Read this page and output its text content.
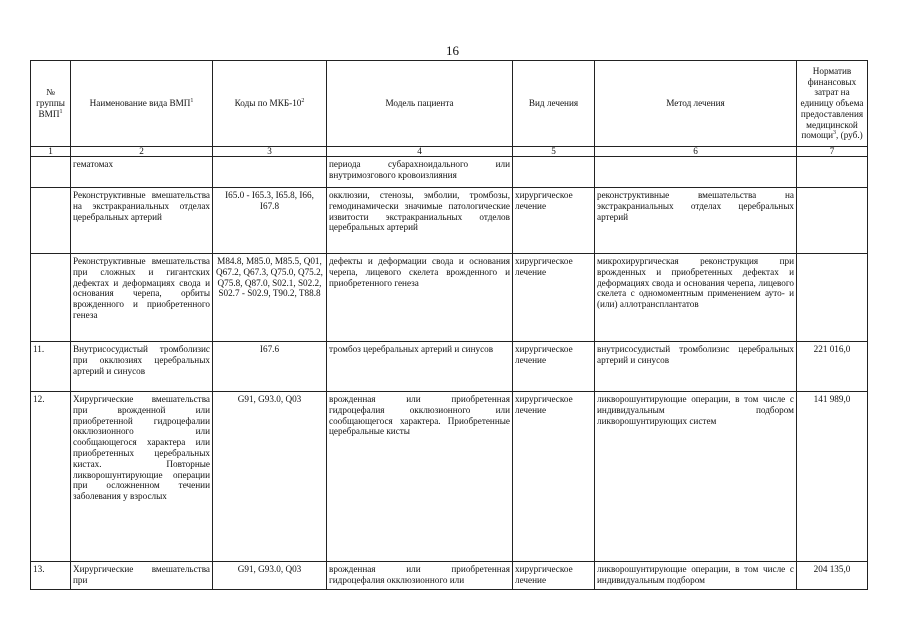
16
№ группы ВМП$^1$	Наименование вида ВМП$^1$	Коды по МКБ-$10^2$	Модель пациента	Вид лечения	Метод лечения	Норматив финансовых затрат на единицу объема предоставления медицинской помощи$^3$, (руб.)
1	2	3	4	5	6	7
	гематомах		периода субарахноидального или внутримозгового кровоизлияния			
	Реконструктивные вмешательства на экстракраниальных отделах церебральных артерий	I65.0 - I65.3, I65.8, I66, I67.8	окклюзии, стенозы, эмболии, тромбозы, гемодинамически значимые патологические извитости экстракраниальных отделов церебральных артерий	хирургическое лечение	реконструктивные вмешательства на экстракраниальных отделах церебральных артерий	
	Реконструктивные вмешательства при сложных и гигантских дефектах и деформациях свода и основания черепа, орбиты врожденного и приобретенного генеза	M84.8, M85.0, M85.5, Q01, Q67.2, Q67.3, Q75.0, Q75.2, Q75.8, Q87.0, S02.1, S02.2, S02.7 - S02.9, T90.2, T88.8	дефекты и деформации свода и основания черепа, лицевого скелета врожденного и приобретенного генеза	хирургическое лечение	микрохирургическая реконструкция при врожденных и приобретенных дефектах и деформациях свода и основания черепа, лицевого скелета с одномоментным применением ауто- и (или) аллотрансплантатов	
11.	Внутрисосудистый тромболизис при окклюзиях церебральных артерий и синусов	I67.6	тромбоз церебральных артерий и синусов	хирургическое лечение	внутрисосудистый тромболизис церебральных артерий и синусов	221 016,0
12.	Хирургические вмешательства при врожденной или приобретенной гидроцефалии окклюзионного или сообщающегося характера или приобретенных церебральных кистах. Повторные ликворошунтирующие операции при осложненном течении заболевания у взрослых	G91, G93.0, Q03	врожденная или приобретенная гидроцефалия окклюзионного или сообщающегося характера. Приобретенные церебральные кисты	хирургическое лечение	ликворошунтирующие операции, в том числе с индивидуальным подбором ликворошунтирующих систем	141 989,0
13.	Хирургические вмешательства при	G91, G93.0, Q03	врожденная или приобретенная гидроцефалия окклюзионного или	хирургическое лечение	ликворошунтирующие операции, в том числе с индивидуальным подбором	204 135,0
